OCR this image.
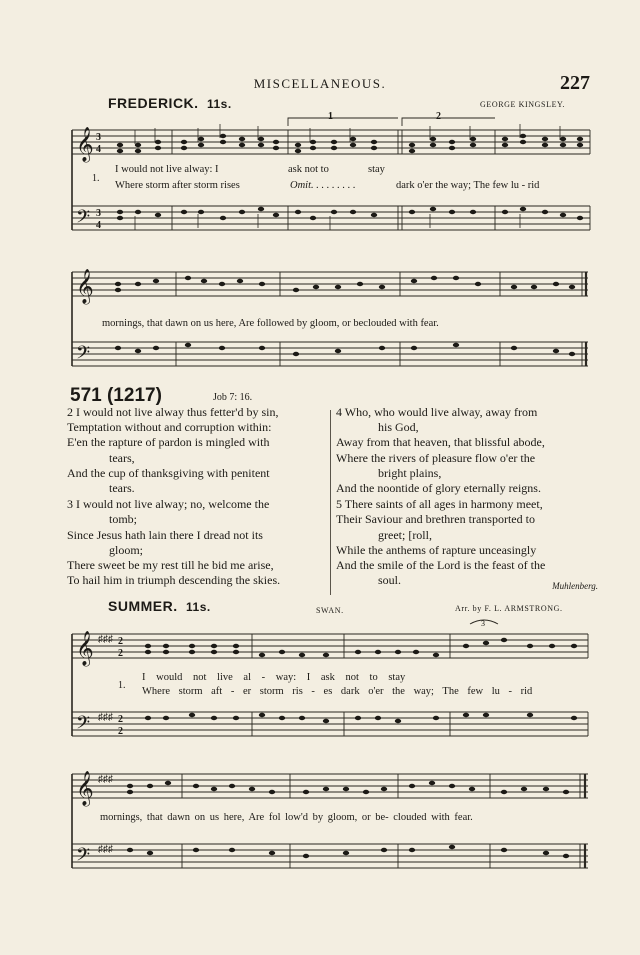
MISCELLANEOUS.	227
FREDERICK. 11s.	GEORGE KINGSLEY.
1	2
𝄞 3
4
𝄢 3
4
1.
I would not live alway: I	ask not to	stay
Where storm after storm rises	Omit. . . . . . . . .	dark o'er the way; The few lu - rid
𝄞
𝄢
mornings, that dawn on us here, Are followed by gloom, or beclouded with fear.
571 (1217)	Job 7: 16.
2 I would not live alway thus fetter'd by sin,
Temptation without and corruption within:
E'en the rapture of pardon is mingled with
tears,
And the cup of thanksgiving with penitent
tears.
3 I would not live alway; no, welcome the
tomb;
Since Jesus hath lain there I dread not its
gloom;
There sweet be my rest till he bid me arise,
To hail him in triumph descending the skies.
4 Who, who would live alway, away from
his God,
Away from that heaven, that blissful abode,
Where the rivers of pleasure flow o'er the
bright plains,
And the noontide of glory eternally reigns.
5 There saints of all ages in harmony meet,
Their Saviour and brethren transported to
greet; [roll,
While the anthems of rapture unceasingly
And the smile of the Lord is the feast of the
soul.	Muhlenberg.
SUMMER. 11s.	SWAN.	Arr. by F. L. ARMSTRONG.
3
𝄞 ♯♯♯ 2
2
𝄢 ♯♯♯ 2
2
1.
I would not live al - way: I ask not to stay
Where storm aft - er storm ris - es dark o'er the way; The few lu - rid
𝄞 ♯♯♯
𝄢 ♯♯♯
mornings, that dawn on us here, Are fol low'd by gloom, or be- clouded with fear.
